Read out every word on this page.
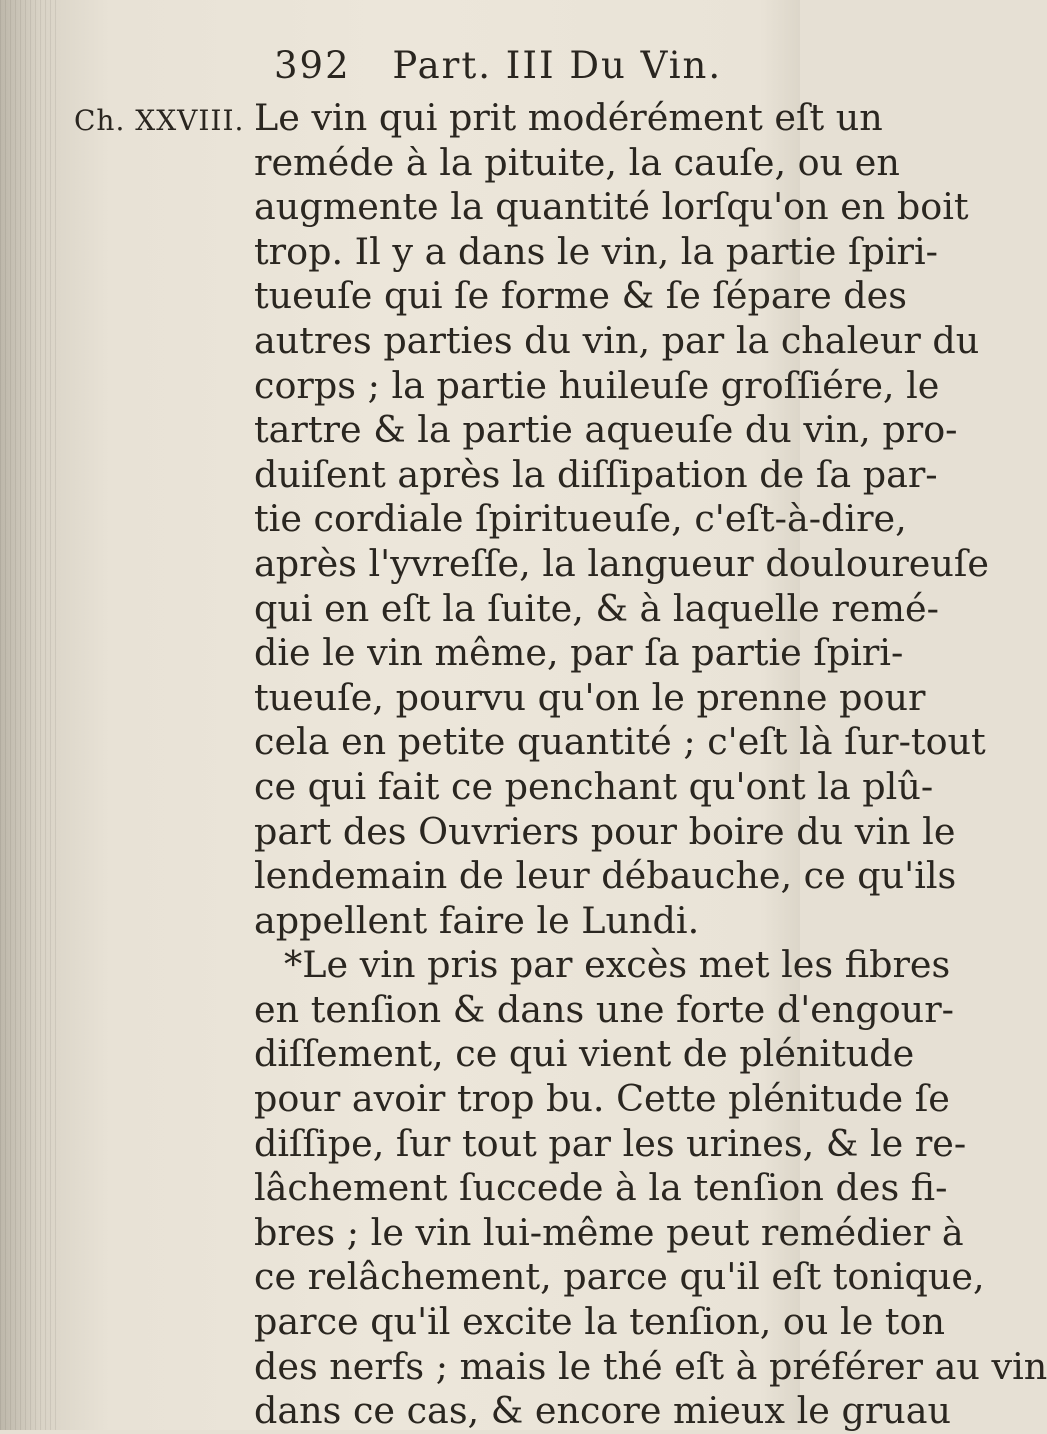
392 Part. III Du Vin.
Ch. XXVIII. Le vin qui prit modérément eſt un
reméde à la pituite, la cauſe, ou en
augmente la quantité lorſqu'on en boit
trop. Il y a dans le vin, la partie ſpiri-
tueuſe qui ſe forme & ſe ſépare des
autres parties du vin, par la chaleur du
corps ; la partie huileuſe groſſiére, le
tartre & la partie aqueuſe du vin, pro-
duiſent après la diſſipation de ſa par-
tie cordiale ſpiritueuſe, c'eſt-à-dire,
après l'yvreſſe, la langueur douloureuſe
qui en eſt la ſuite, & à laquelle remé-
die le vin même, par ſa partie ſpiri-
tueuſe, pourvu qu'on le prenne pour
cela en petite quantité ; c'eſt là ſur-tout
ce qui fait ce penchant qu'ont la plû-
part des Ouvriers pour boire du vin le
lendemain de leur débauche, ce qu'ils
appellent faire le Lundi.
*Le vin pris par excès met les fibres
en tenſion & dans une forte d'engour-
diſſement, ce qui vient de plénitude
pour avoir trop bu. Cette plénitude ſe
diſſipe, ſur tout par les urines, & le re-
lâchement ſuccede à la tenſion des fi-
bres ; le vin lui-même peut remédier à
ce relâchement, parce qu'il eſt tonique,
parce qu'il excite la tenſion, ou le ton
des nerfs ; mais le thé eſt à préférer au vin
dans ce cas, & encore mieux le gruau
